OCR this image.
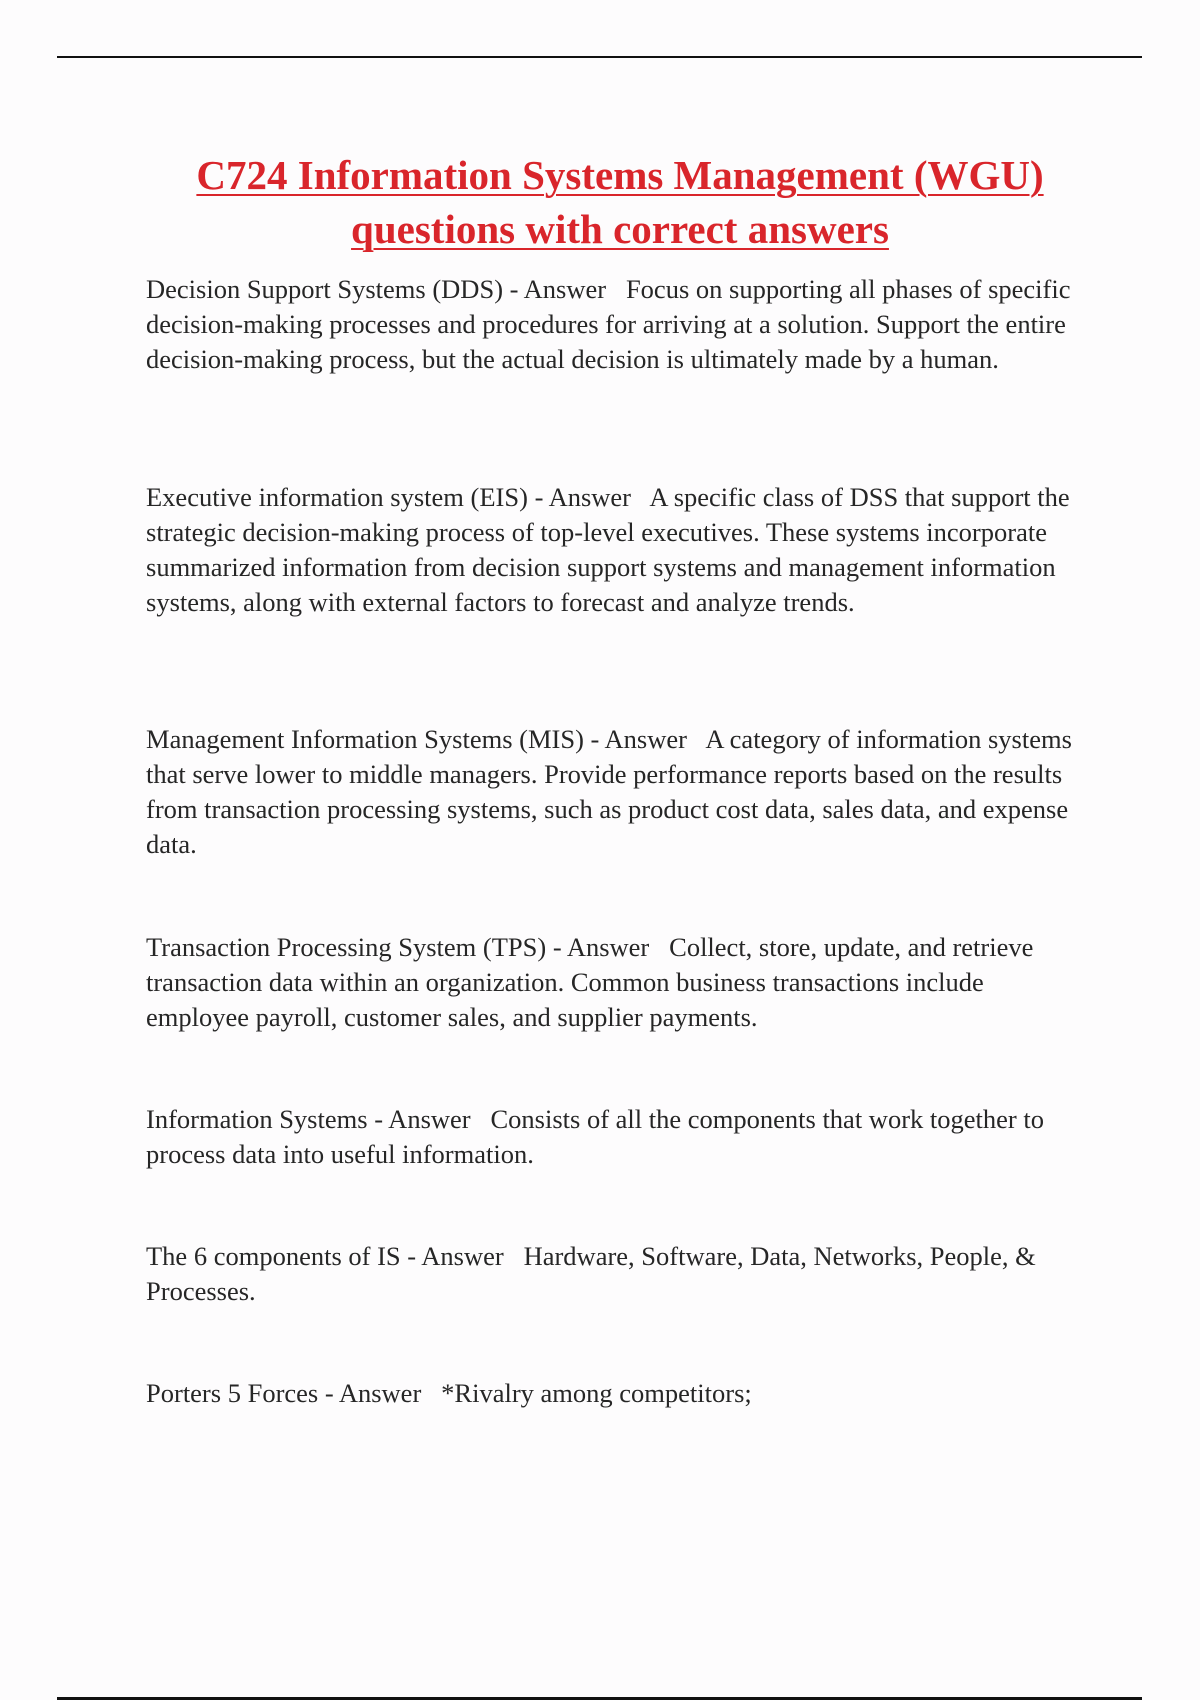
C724 Information Systems Management (WGU) questions with correct answers

Decision Support Systems (DDS) - Answer   Focus on supporting all phases of specific decision-making processes and procedures for arriving at a solution. Support the entire decision-making process, but the actual decision is ultimately made by a human.

Executive information system (EIS) - Answer   A specific class of DSS that support the strategic decision-making process of top-level executives. These systems incorporate summarized information from decision support systems and management information systems, along with external factors to forecast and analyze trends.

Management Information Systems (MIS) - Answer   A category of information systems that serve lower to middle managers. Provide performance reports based on the results from transaction processing systems, such as product cost data, sales data, and expense data.

Transaction Processing System (TPS) - Answer   Collect, store, update, and retrieve transaction data within an organization. Common business transactions include employee payroll, customer sales, and supplier payments.

Information Systems - Answer   Consists of all the components that work together to process data into useful information.

The 6 components of IS - Answer   Hardware, Software, Data, Networks, People, & Processes.

Porters 5 Forces - Answer   *Rivalry among competitors;
